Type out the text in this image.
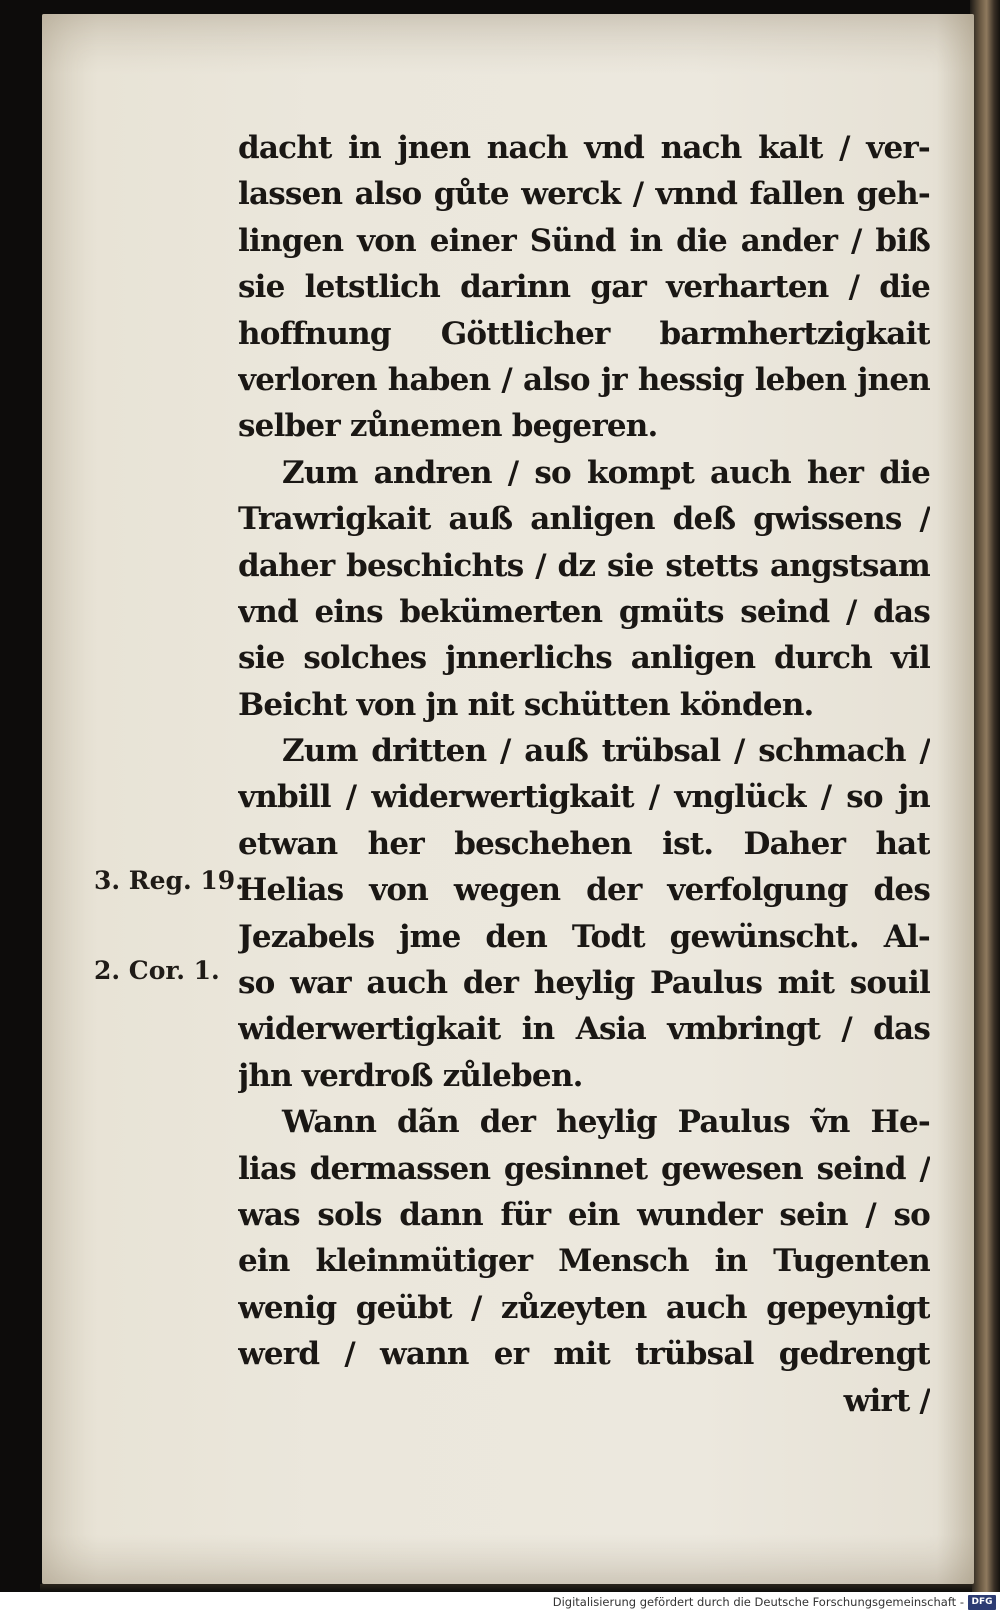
dacht in jnen nach vnd nach kalt / ver-
lassen also gůte werck / vnnd fallen geh-
lingen von einer Sünd in die ander / biß
sie letstlich darinn gar verharten / die
hoffnung Göttlicher barmhertzigkait
verloren haben / also jr hessig leben jnen
selber zůnemen begeren.
Zum andren / so kompt auch her die
Trawrigkait auß anligen deß gwissens /
daher beschichts / dz sie stetts angstsam
vnd eins bekümerten gmüts seind / das
sie solches jnnerlichs anligen durch vil
Beicht von jn nit schütten könden.
Zum dritten / auß trübsal / schmach /
vnbill / widerwertigkait / vnglück / so jn
etwan her beschehen ist. Daher hat
Helias von wegen der verfolgung des
Jezabels jme den Todt gewünscht. Al-
so war auch der heylig Paulus mit souil
widerwertigkait in Asia vmbringt / das
jhn verdroß zůleben.
Wann dãn der heylig Paulus ṽn He-
lias dermassen gesinnet gewesen seind /
was sols dann für ein wunder sein / so
ein kleinmütiger Mensch in Tugenten
wenig geübt / zůzeyten auch gepeynigt
werd / wann er mit trübsal gedrengt
wirt /
3. Reg. 19.
2. Cor. 1.
Digitalisierung gefördert durch die Deutsche Forschungsgemeinschaft - DFG
